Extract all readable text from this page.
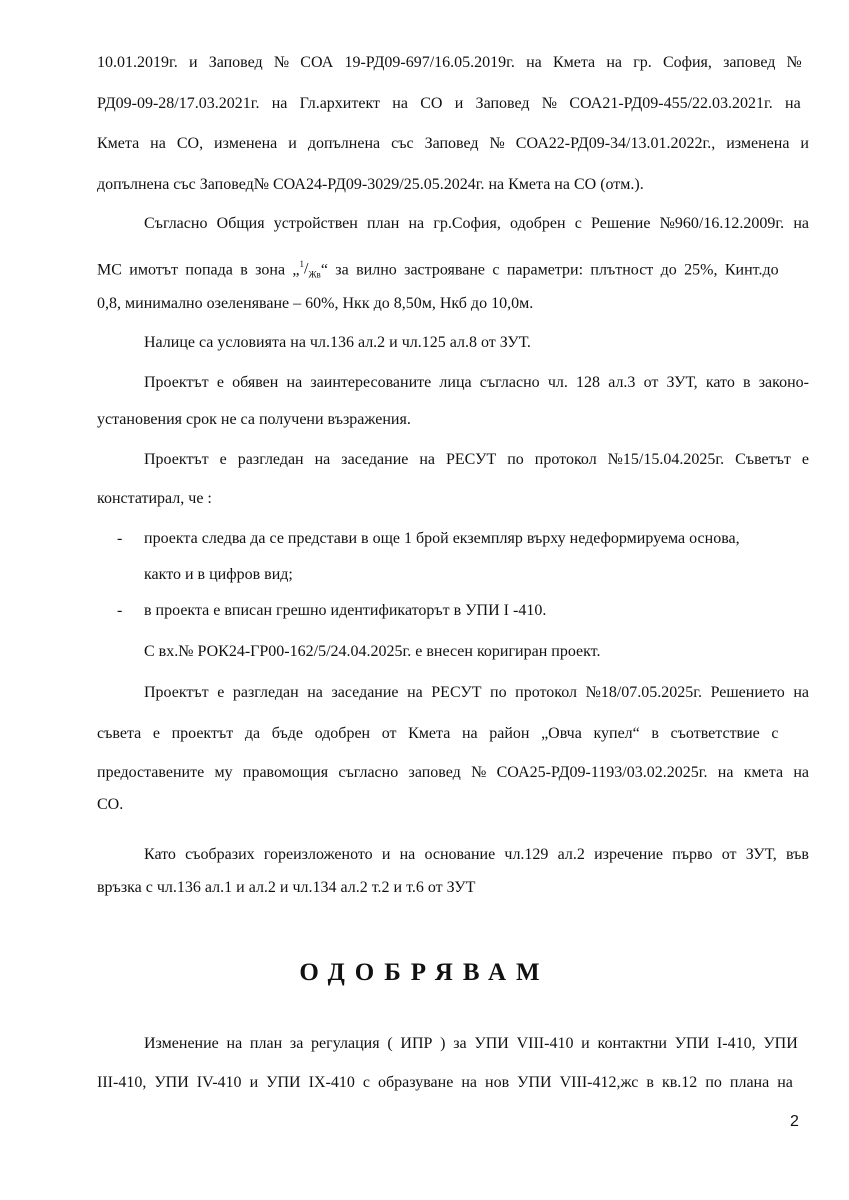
10.01.2019г. и Заповед № СОА 19-РД09-697/16.05.2019г. на Кмета на гр. София, заповед №
РД09-09-28/17.03.2021г. на Гл.архитект на СО и Заповед № СОА21-РД09-455/22.03.2021г. на
Кмета на СО, изменена и допълнена със Заповед № СОА22-РД09-34/13.01.2022г., изменена и
допълнена със Заповед№ СОА24-РД09-3029/25.05.2024г. на Кмета на СО (отм.).
Съгласно Общия устройствен план на гр.София, одобрен с Решение №960/16.12.2009г. на
МС имотът попада в зона $„^1/_{Жв}“$ за вилно застрояване с параметри: плътност до 25%, Кинт.до
0,8, минимално озеленяване – 60%, Нкк до 8,50м, Нкб до 10,0м.
Налице са условията на чл.136 ал.2 и чл.125 ал.8 от ЗУТ.
Проектът е обявен на заинтересованите лица съгласно чл. 128 ал.3 от ЗУТ, като в законо-
установения срок не са получени възражения.
Проектът е разгледан на заседание на РЕСУТ по протокол №15/15.04.2025г. Съветът е
констатирал, че :
- проекта следва да се представи в още 1 брой екземпляр върху недеформируема основа,
както и в цифров вид;
- в проекта е вписан грешно идентификаторът в УПИ I -410.
С вх.№ РОК24-ГР00-162/5/24.04.2025г. е внесен коригиран проект.
Проектът е разгледан на заседание на РЕСУТ по протокол №18/07.05.2025г. Решението на
съвета е проектът да бъде одобрен от Кмета на район „Овча купел“ в съответствие с
предоставените му правомощия съгласно заповед № СОА25-РД09-1193/03.02.2025г. на кмета на
СО.
Като съобразих гореизложеното и на основание чл.129 ал.2 изречение първо от ЗУТ, във
връзка с чл.136 ал.1 и ал.2 и чл.134 ал.2 т.2 и т.6 от ЗУТ
ОДОБРЯВАМ
Изменение на план за регулация ( ИПР ) за УПИ VIII-410 и контактни УПИ I-410, УПИ
III-410, УПИ IV-410 и УПИ IX-410 с образуване на нов УПИ VIII-412,жс в кв.12 по плана на
2
